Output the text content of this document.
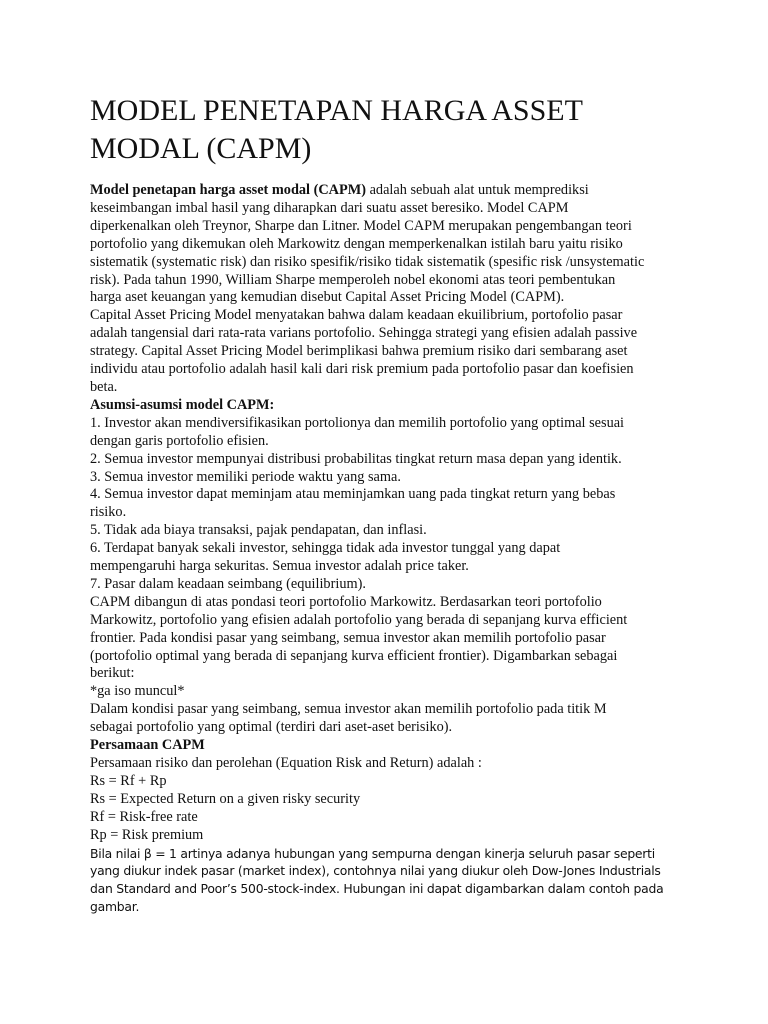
MODEL PENETAPAN HARGA ASSET
MODAL (CAPM)
Model penetapan harga asset modal (CAPM) adalah sebuah alat untuk memprediksi
keseimbangan imbal hasil yang diharapkan dari suatu asset beresiko. Model CAPM
diperkenalkan oleh Treynor, Sharpe dan Litner. Model CAPM merupakan pengembangan teori
portofolio yang dikemukan oleh Markowitz dengan memperkenalkan istilah baru yaitu risiko
sistematik (systematic risk) dan risiko spesifik/risiko tidak sistematik (spesific risk /unsystematic
risk). Pada tahun 1990, William Sharpe memperoleh nobel ekonomi atas teori pembentukan
harga aset keuangan yang kemudian disebut Capital Asset Pricing Model (CAPM).
Capital Asset Pricing Model menyatakan bahwa dalam keadaan ekuilibrium, portofolio pasar
adalah tangensial dari rata-rata varians portofolio. Sehingga strategi yang efisien adalah passive
strategy. Capital Asset Pricing Model berimplikasi bahwa premium risiko dari sembarang aset
individu atau portofolio adalah hasil kali dari risk premium pada portofolio pasar dan koefisien
beta.
Asumsi-asumsi model CAPM:
1. Investor akan mendiversifikasikan portolionya dan memilih portofolio yang optimal sesuai
dengan garis portofolio efisien.
2. Semua investor mempunyai distribusi probabilitas tingkat return masa depan yang identik.
3. Semua investor memiliki periode waktu yang sama.
4. Semua investor dapat meminjam atau meminjamkan uang pada tingkat return yang bebas
risiko.
5. Tidak ada biaya transaksi, pajak pendapatan, dan inflasi.
6. Terdapat banyak sekali investor, sehingga tidak ada investor tunggal yang dapat
mempengaruhi harga sekuritas. Semua investor adalah price taker.
7. Pasar dalam keadaan seimbang (equilibrium).
CAPM dibangun di atas pondasi teori portofolio Markowitz. Berdasarkan teori portofolio
Markowitz, portofolio yang efisien adalah portofolio yang berada di sepanjang kurva efficient
frontier. Pada kondisi pasar yang seimbang, semua investor akan memilih portofolio pasar
(portofolio optimal yang berada di sepanjang kurva efficient frontier). Digambarkan sebagai
berikut:
*ga iso muncul*
Dalam kondisi pasar yang seimbang, semua investor akan memilih portofolio pada titik M
sebagai portofolio yang optimal (terdiri dari aset-aset berisiko).
Persamaan CAPM
Persamaan risiko dan perolehan (Equation Risk and Return) adalah :
Rs = Rf + Rp
Rs = Expected Return on a given risky security
Rf = Risk-free rate
Rp = Risk premium
Bila nilai β = 1 artinya adanya hubungan yang sempurna dengan kinerja seluruh pasar seperti
yang diukur indek pasar (market index), contohnya nilai yang diukur oleh Dow-Jones Industrials
dan Standard and Poor’s 500-stock-index. Hubungan ini dapat digambarkan dalam contoh pada
gambar.
